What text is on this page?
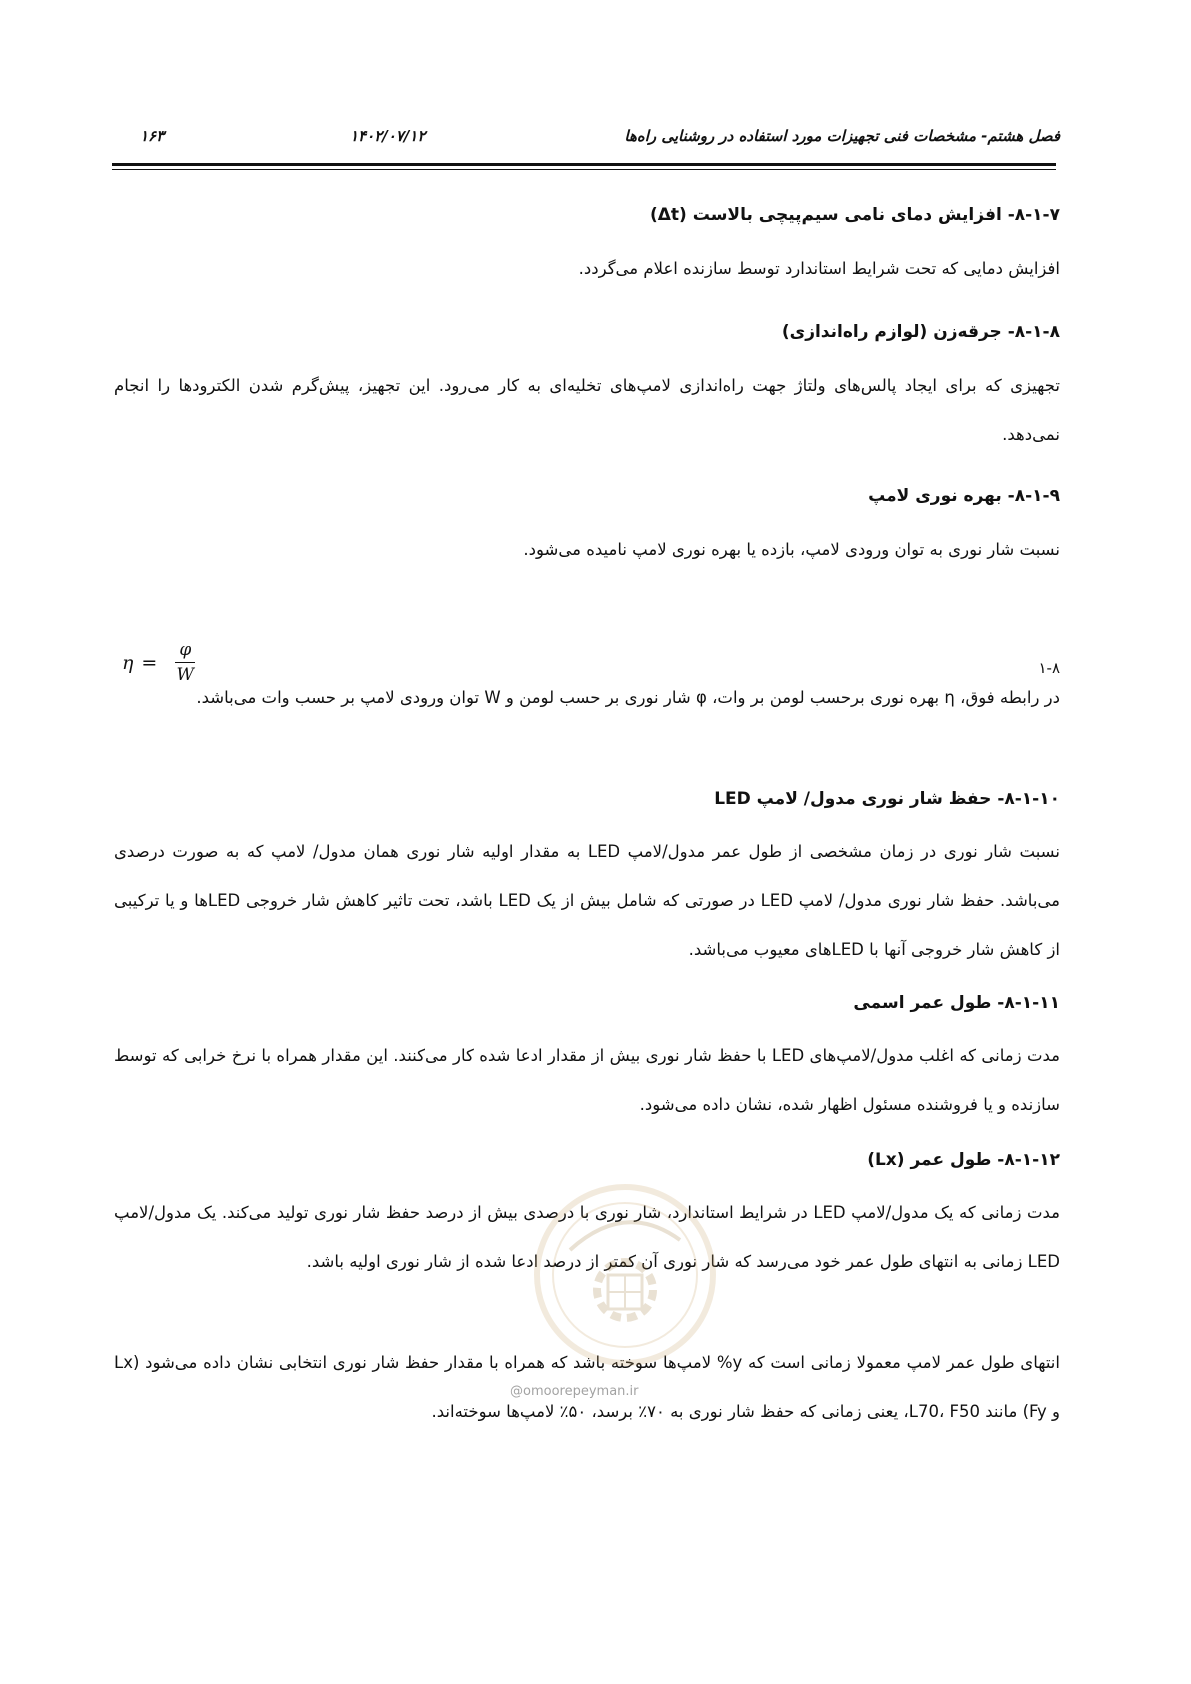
فصل هشتم- مشخصات فنی تجهیزات مورد استفاده در روشنایی راه‌ها
۱۴۰۲/۰۷/۱۲
۱۶۳
۸-۱-۷- افزایش دمای نامی سیم‌پیچی بالاست (Δt)
افزایش دمایی که تحت شرایط استاندارد توسط سازنده اعلام می‌گردد.
۸-۱-۸- جرقه‌زن (لوازم راه‌اندازی)
تجهیزی که برای ایجاد پالس‌های ولتاژ جهت راه‌اندازی لامپ‌های تخلیه‌ای به کار می‌رود. این تجهیز، پیش‌گرم شدن الکترودها را انجام نمی‌دهد.
۸-۱-۹- بهره نوری لامپ
نسبت شار نوری به توان ورودی لامپ، بازده یا بهره نوری لامپ نامیده می‌شود.
$\eta = \frac{\varphi}{W}$	۱-۸
در رابطه فوق، η بهره نوری برحسب لومن بر وات، φ شار نوری بر حسب لومن و W توان ورودی لامپ بر حسب وات می‌باشد.
۸-۱-۱۰- حفظ شار نوری مدول/ لامپ LED
نسبت شار نوری در زمان مشخصی از طول عمر مدول/لامپ LED به مقدار اولیه شار نوری همان مدول/ لامپ که به صورت درصدی می‌باشد. حفظ شار نوری مدول/ لامپ LED در صورتی که شامل بیش از یک LED باشد، تحت تاثیر کاهش شار خروجی LEDها و یا ترکیبی از کاهش شار خروجی آنها با LEDهای معیوب می‌باشد.
۸-۱-۱۱- طول عمر اسمی
مدت زمانی که اغلب مدول/لامپ‌های LED با حفظ شار نوری بیش از مقدار ادعا شده کار می‌کنند. این مقدار همراه با نرخ خرابی که توسط سازنده و یا فروشنده مسئول اظهار شده، نشان داده می‌شود.
۸-۱-۱۲- طول عمر (Lx)
مدت زمانی که یک مدول/لامپ LED در شرایط استاندارد، شار نوری با درصدی بیش از درصد حفظ شار نوری تولید می‌کند. یک مدول/لامپ LED زمانی به انتهای طول عمر خود می‌رسد که شار نوری آن کمتر از درصد ادعا شده از شار نوری اولیه باشد.
انتهای طول عمر لامپ معمولا زمانی است که y% لامپ‌ها سوخته باشد که همراه با مقدار حفظ شار نوری انتخابی نشان داده می‌شود (Lx و Fy) مانند L70، F50، یعنی زمانی که حفظ شار نوری به ۷۰٪ برسد، ۵۰٪ لامپ‌ها سوخته‌اند.
@omoorepeyman.ir
